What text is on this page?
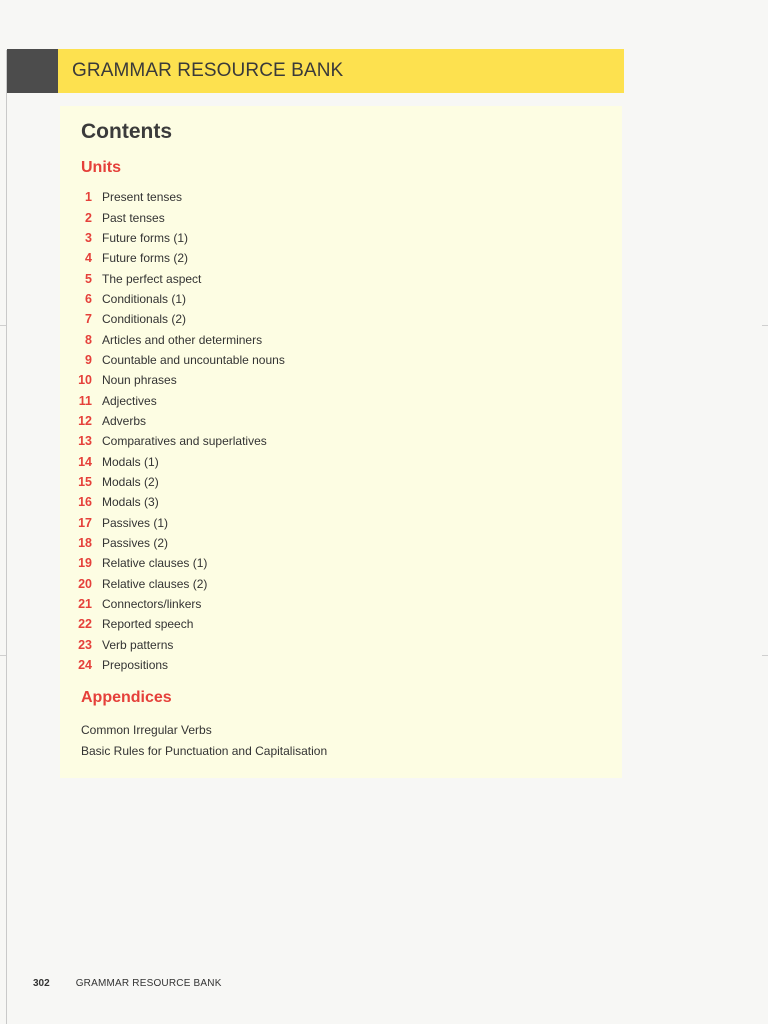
GRAMMAR RESOURCE BANK
Contents
Units
1 Present tenses
2 Past tenses
3 Future forms (1)
4 Future forms (2)
5 The perfect aspect
6 Conditionals (1)
7 Conditionals (2)
8 Articles and other determiners
9 Countable and uncountable nouns
10 Noun phrases
11 Adjectives
12 Adverbs
13 Comparatives and superlatives
14 Modals (1)
15 Modals (2)
16 Modals (3)
17 Passives (1)
18 Passives (2)
19 Relative clauses (1)
20 Relative clauses (2)
21 Connectors/linkers
22 Reported speech
23 Verb patterns
24 Prepositions
Appendices
Common Irregular Verbs
Basic Rules for Punctuation and Capitalisation
302	GRAMMAR RESOURCE BANK
